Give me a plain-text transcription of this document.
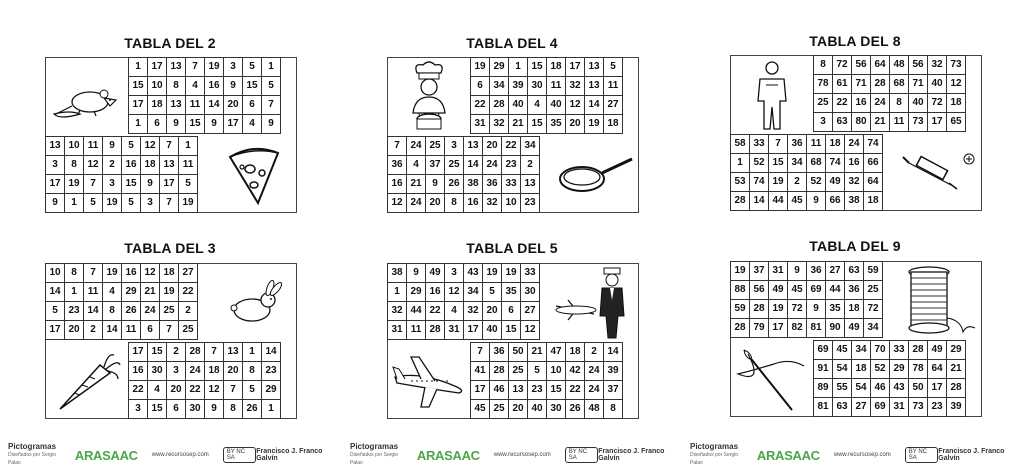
TABLA DEL 2	TABLA DEL 4	TABLA DEL 8
TABLA DEL 3	TABLA DEL 5	TABLA DEL 9
1	17	13	7	19	3	5	1
15	10	8	4	16	9	15	5
17	18	13	11	14	20	6	7
1	6	9	15	9	17	4	9
13	10	11	9	5	12	7	1
3	8	12	2	16	18	13	11
17	19	7	3	15	9	17	5
9	1	5	19	5	3	7	19
19	29	1	15	18	17	13	5
6	34	39	30	11	32	13	11
22	28	40	4	40	12	14	27
31	32	21	15	35	20	19	18
7	24	25	3	13	20	22	34
36	4	37	25	14	24	23	2
16	21	9	26	38	36	33	13
12	24	20	8	16	32	10	23
8	72	56	64	48	56	32	73
78	61	71	28	68	71	40	12
25	22	16	24	8	40	72	18
3	63	80	21	11	73	17	65
58	33	7	36	11	18	24	74
1	52	15	34	68	74	16	66
53	74	19	2	52	49	32	64
28	14	44	45	9	66	38	18
10	8	7	19	16	12	18	27
14	1	11	4	29	21	19	22
5	23	14	8	26	24	25	2
17	20	2	14	11	6	7	25
17	15	2	28	7	13	1	14
16	30	3	24	18	20	8	23
22	4	20	22	12	7	5	29
3	15	6	30	9	8	26	1
38	9	49	3	43	19	19	33
1	29	16	12	34	5	35	30
32	44	22	4	32	20	6	27
31	11	28	31	17	40	15	12
7	36	50	21	47	18	2	14
41	28	25	5	10	42	24	39
17	46	13	23	15	22	24	37
45	25	20	40	30	26	48	8
19	37	31	9	36	27	63	59
88	56	49	45	69	44	36	25
59	28	19	72	9	35	18	72
28	79	17	82	81	90	49	34
69	45	34	70	33	28	49	29
91	54	18	52	29	78	64	21
89	55	54	46	43	50	17	28
81	63	27	69	31	73	23	39
Pictogramas
Diseñados por Sergio Palao
ARASAAC www.recursosep.com	BY NC SA
Francisco J. Franco Galvín
Pictogramas
Diseñados por Sergio Palao
ARASAAC www.recursosep.com	BY NC SA
Francisco J. Franco Galvín
Pictogramas
Diseñados por Sergio Palao
ARASAAC www.recursosep.com	BY NC SA
Francisco J. Franco Galvín
